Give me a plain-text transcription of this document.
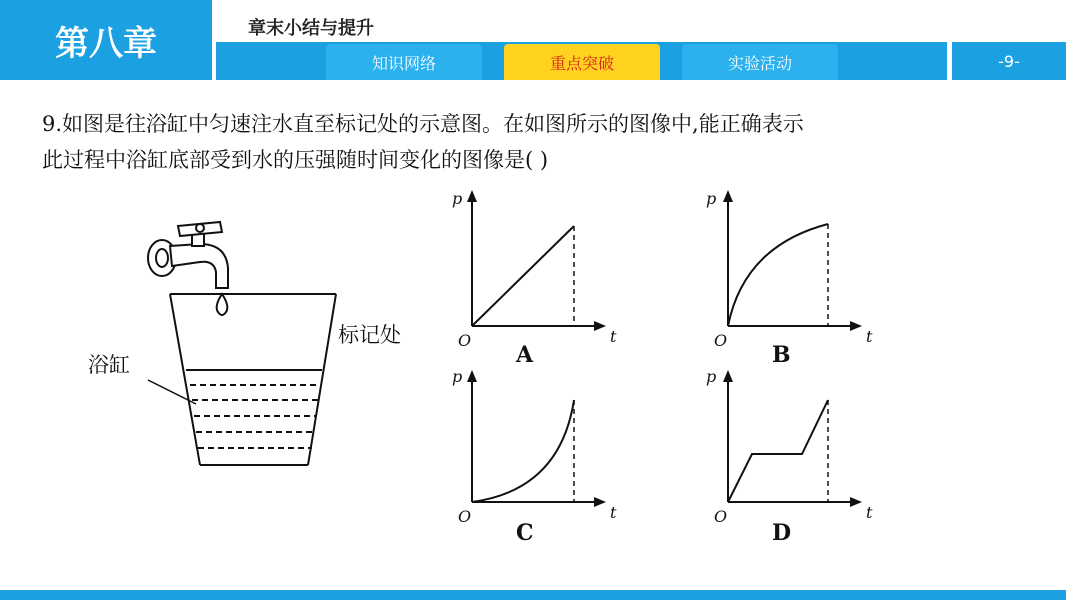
第八章	章末小结与提升
知识网络	重点突破	实验活动	-9-
9.如图是往浴缸中匀速注水直至标记处的示意图。在如图所示的图像中,能正确表示
此过程中浴缸底部受到水的压强随时间变化的图像是( )
标记处
浴缸
p
t
O
A
p
t
O
B
p
t
O
C
p
t
O
D
